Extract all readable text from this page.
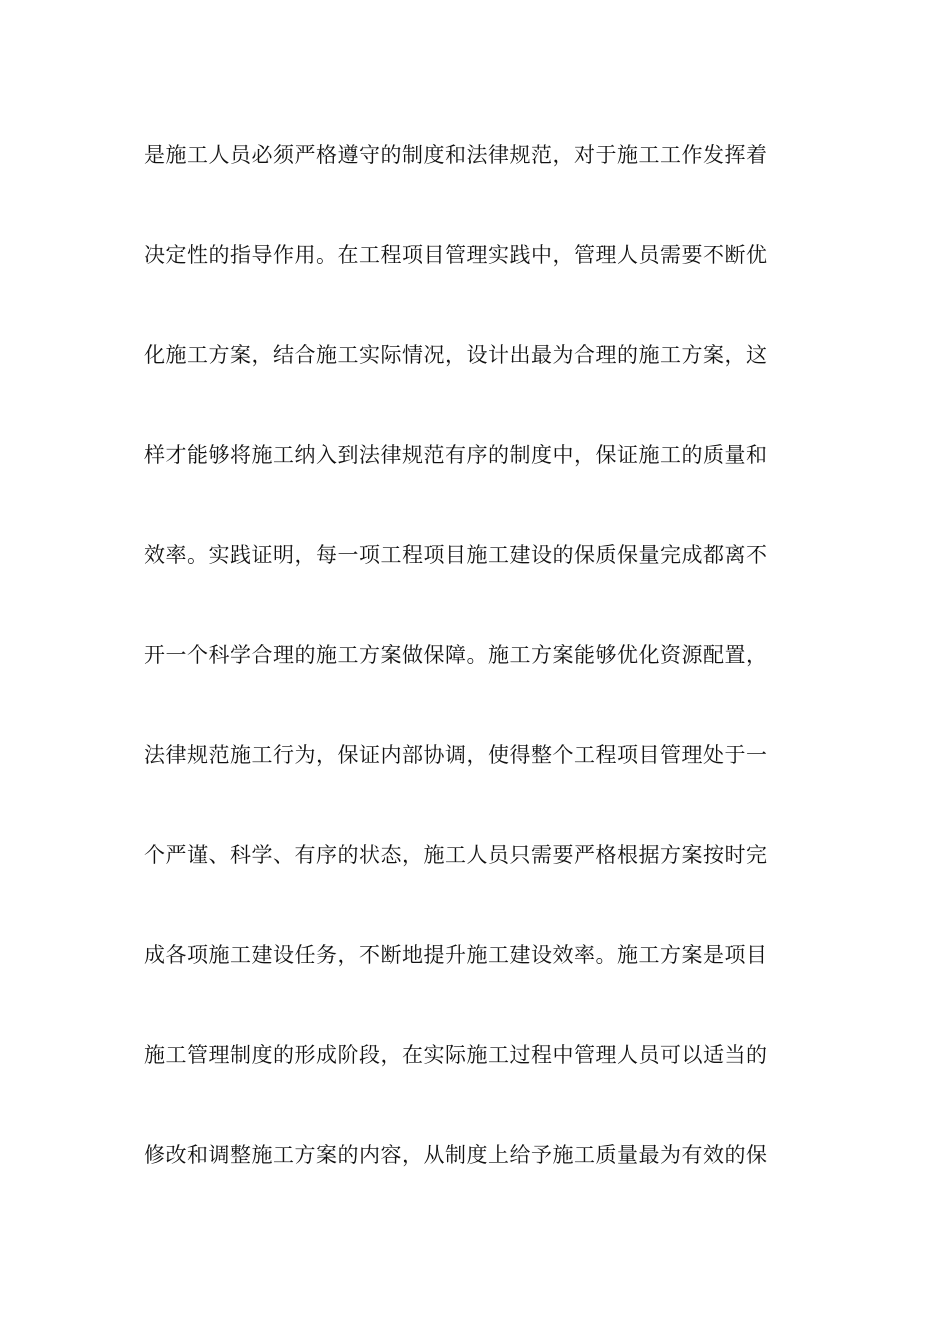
是施工人员必须严格遵守的制度和法律规范，对于施工工作发挥着
决定性的指导作用。在工程项目管理实践中，管理人员需要不断优
化施工方案，结合施工实际情况，设计出最为合理的施工方案，这
样才能够将施工纳入到法律规范有序的制度中，保证施工的质量和
效率。实践证明，每一项工程项目施工建设的保质保量完成都离不
开一个科学合理的施工方案做保障。施工方案能够优化资源配置，
法律规范施工行为，保证内部协调，使得整个工程项目管理处于一
个严谨、科学、有序的状态，施工人员只需要严格根据方案按时完
成各项施工建设任务，不断地提升施工建设效率。施工方案是项目
施工管理制度的形成阶段，在实际施工过程中管理人员可以适当的
修改和调整施工方案的内容，从制度上给予施工质量最为有效的保
